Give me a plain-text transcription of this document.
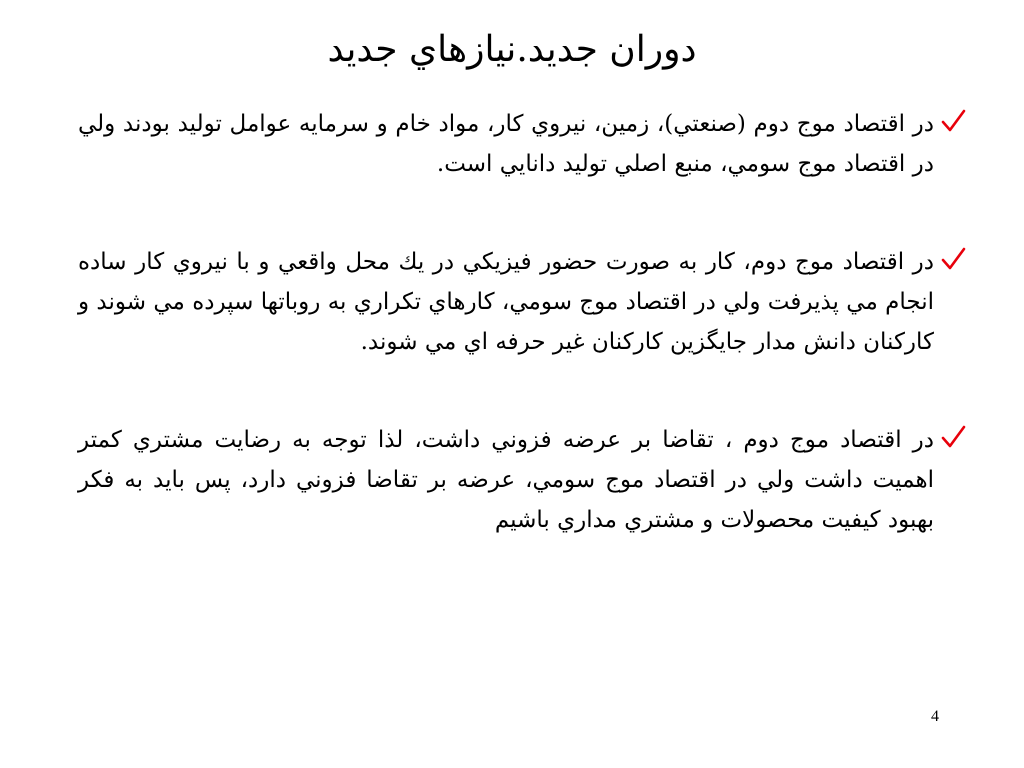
دوران جديد.نيازهاي جديد
در اقتصاد موج دوم (صنعتي)، زمين، نيروي كار، مواد خام و سرمايه عوامل توليد بودند ولي در اقتصاد موج سومي، منبع اصلي توليد دانايي است.
در اقتصاد موج دوم، كار به صورت حضور فيزيكي در يك محل واقعي و با نيروي كار ساده انجام مي پذيرفت ولي در اقتصاد موج سومي، كارهاي تكراري به روباتها سپرده مي شوند و كاركنان دانش مدار جايگزين كاركنان غير حرفه اي مي شوند.
در اقتصاد موج دوم ، تقاضا بر عرضه فزوني داشت، لذا توجه به رضايت مشتري كمتر اهميت داشت ولي در اقتصاد موج سومي، عرضه بر تقاضا فزوني دارد، پس بايد به فكر بهبود كيفيت محصولات و مشتري مداري باشيم
4
